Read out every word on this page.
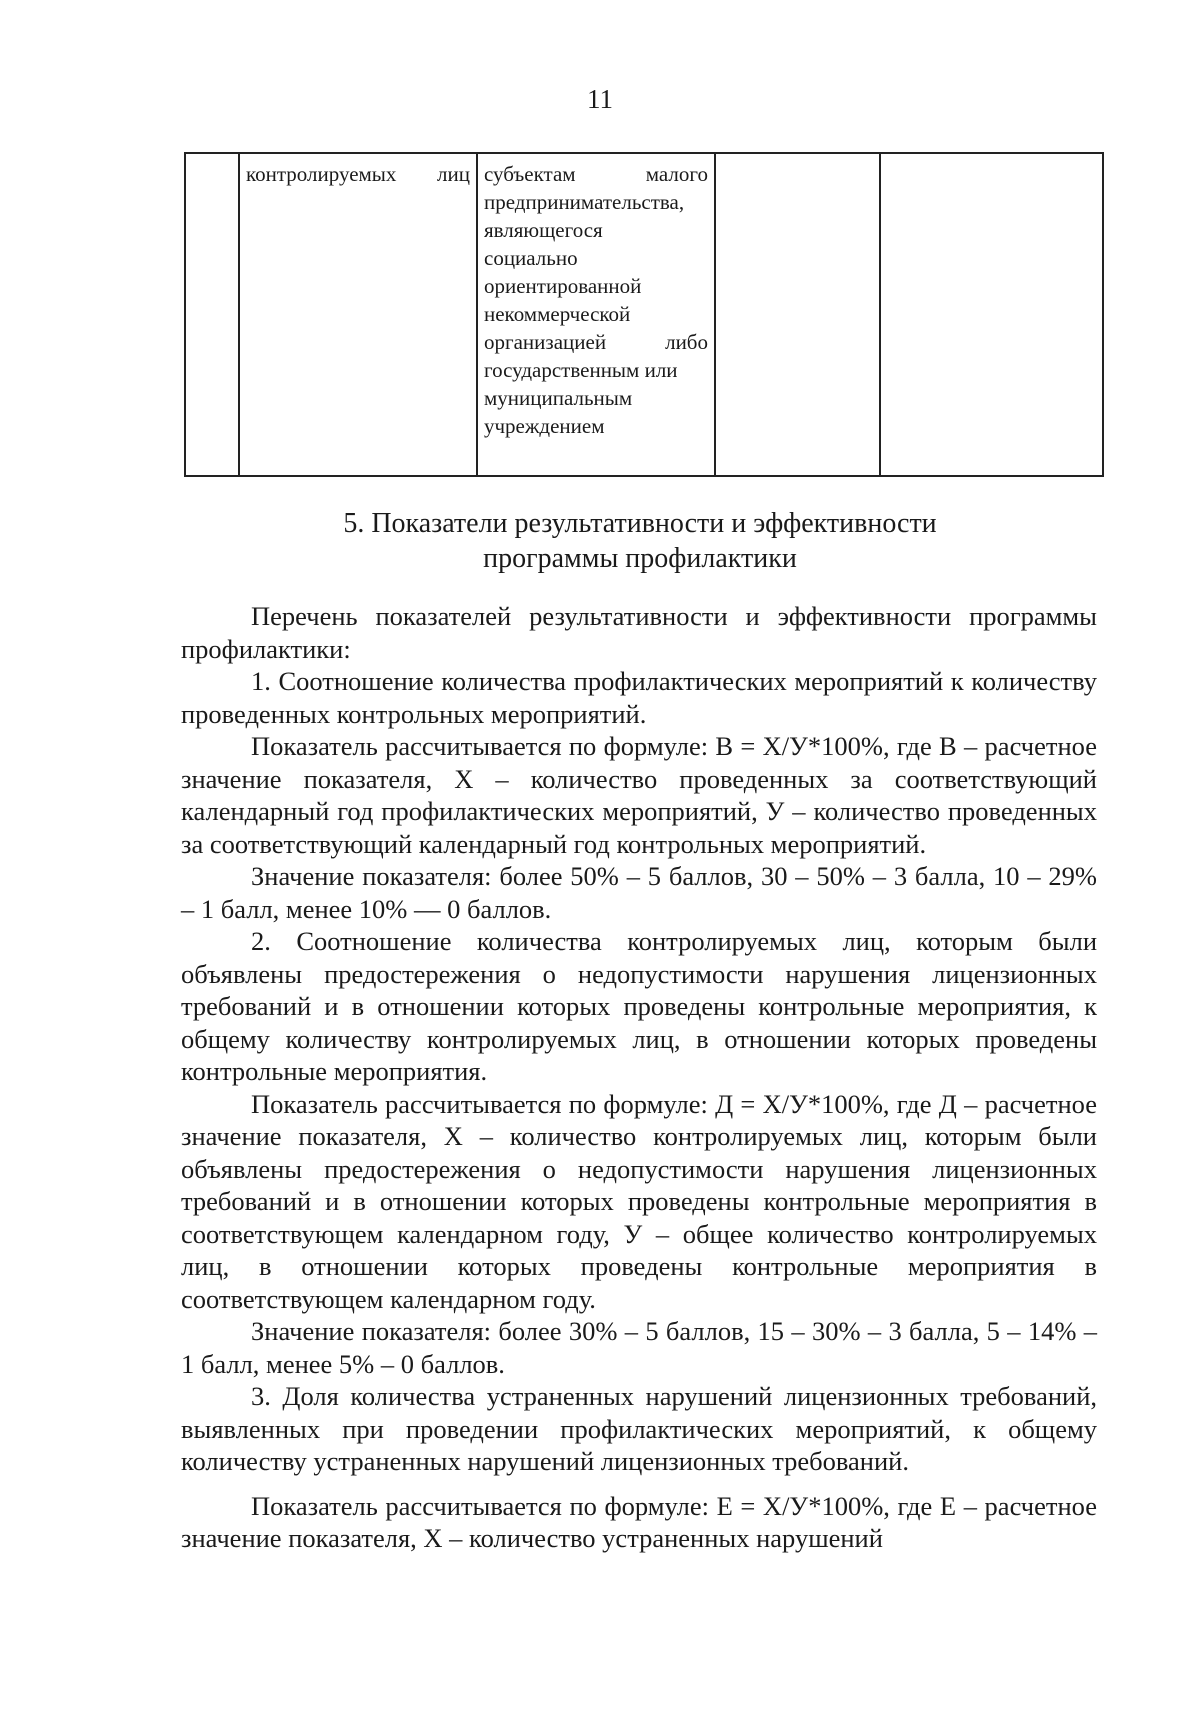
11

контролируемых лиц	субъектам малого
предпринимательства,
являющегося
социально
ориентированной
некоммерческой
организацией либо
государственным или
муниципальным
учреждением

5. Показатели результативности и эффективности
программы профилактики

Перечень показателей результативности и эффективности программы профилактики:

1. Соотношение количества профилактических мероприятий к количеству проведенных контрольных мероприятий.

Показатель рассчитывается по формуле: В = Х/У*100%, где В – расчетное значение показателя, Х – количество проведенных за соответствующий календарный год профилактических мероприятий, У – количество проведенных за соответствующий календарный год контрольных мероприятий.

Значение показателя: более 50% – 5 баллов, 30 – 50% – 3 балла, 10 – 29% – 1 балл, менее 10% — 0 баллов.

2. Соотношение количества контролируемых лиц, которым были объявлены предостережения о недопустимости нарушения лицензионных требований и в отношении которых проведены контрольные мероприятия, к общему количеству контролируемых лиц, в отношении которых проведены контрольные мероприятия.

Показатель рассчитывается по формуле: Д = Х/У*100%, где Д – расчетное значение показателя, Х – количество контролируемых лиц, которым были объявлены предостережения о недопустимости нарушения лицензионных требований и в отношении которых проведены контрольные мероприятия в соответствующем календарном году, У – общее количество контролируемых лиц, в отношении которых проведены контрольные мероприятия в соответствующем календарном году.

Значение показателя: более 30% – 5 баллов, 15 – 30% – 3 балла, 5 – 14% – 1 балл, менее 5% – 0 баллов.

3. Доля количества устраненных нарушений лицензионных требований, выявленных при проведении профилактических мероприятий, к общему количеству устраненных нарушений лицензионных требований.

Показатель рассчитывается по формуле: Е = Х/У*100%, где Е – расчетное значение показателя, Х – количество устраненных нарушений
